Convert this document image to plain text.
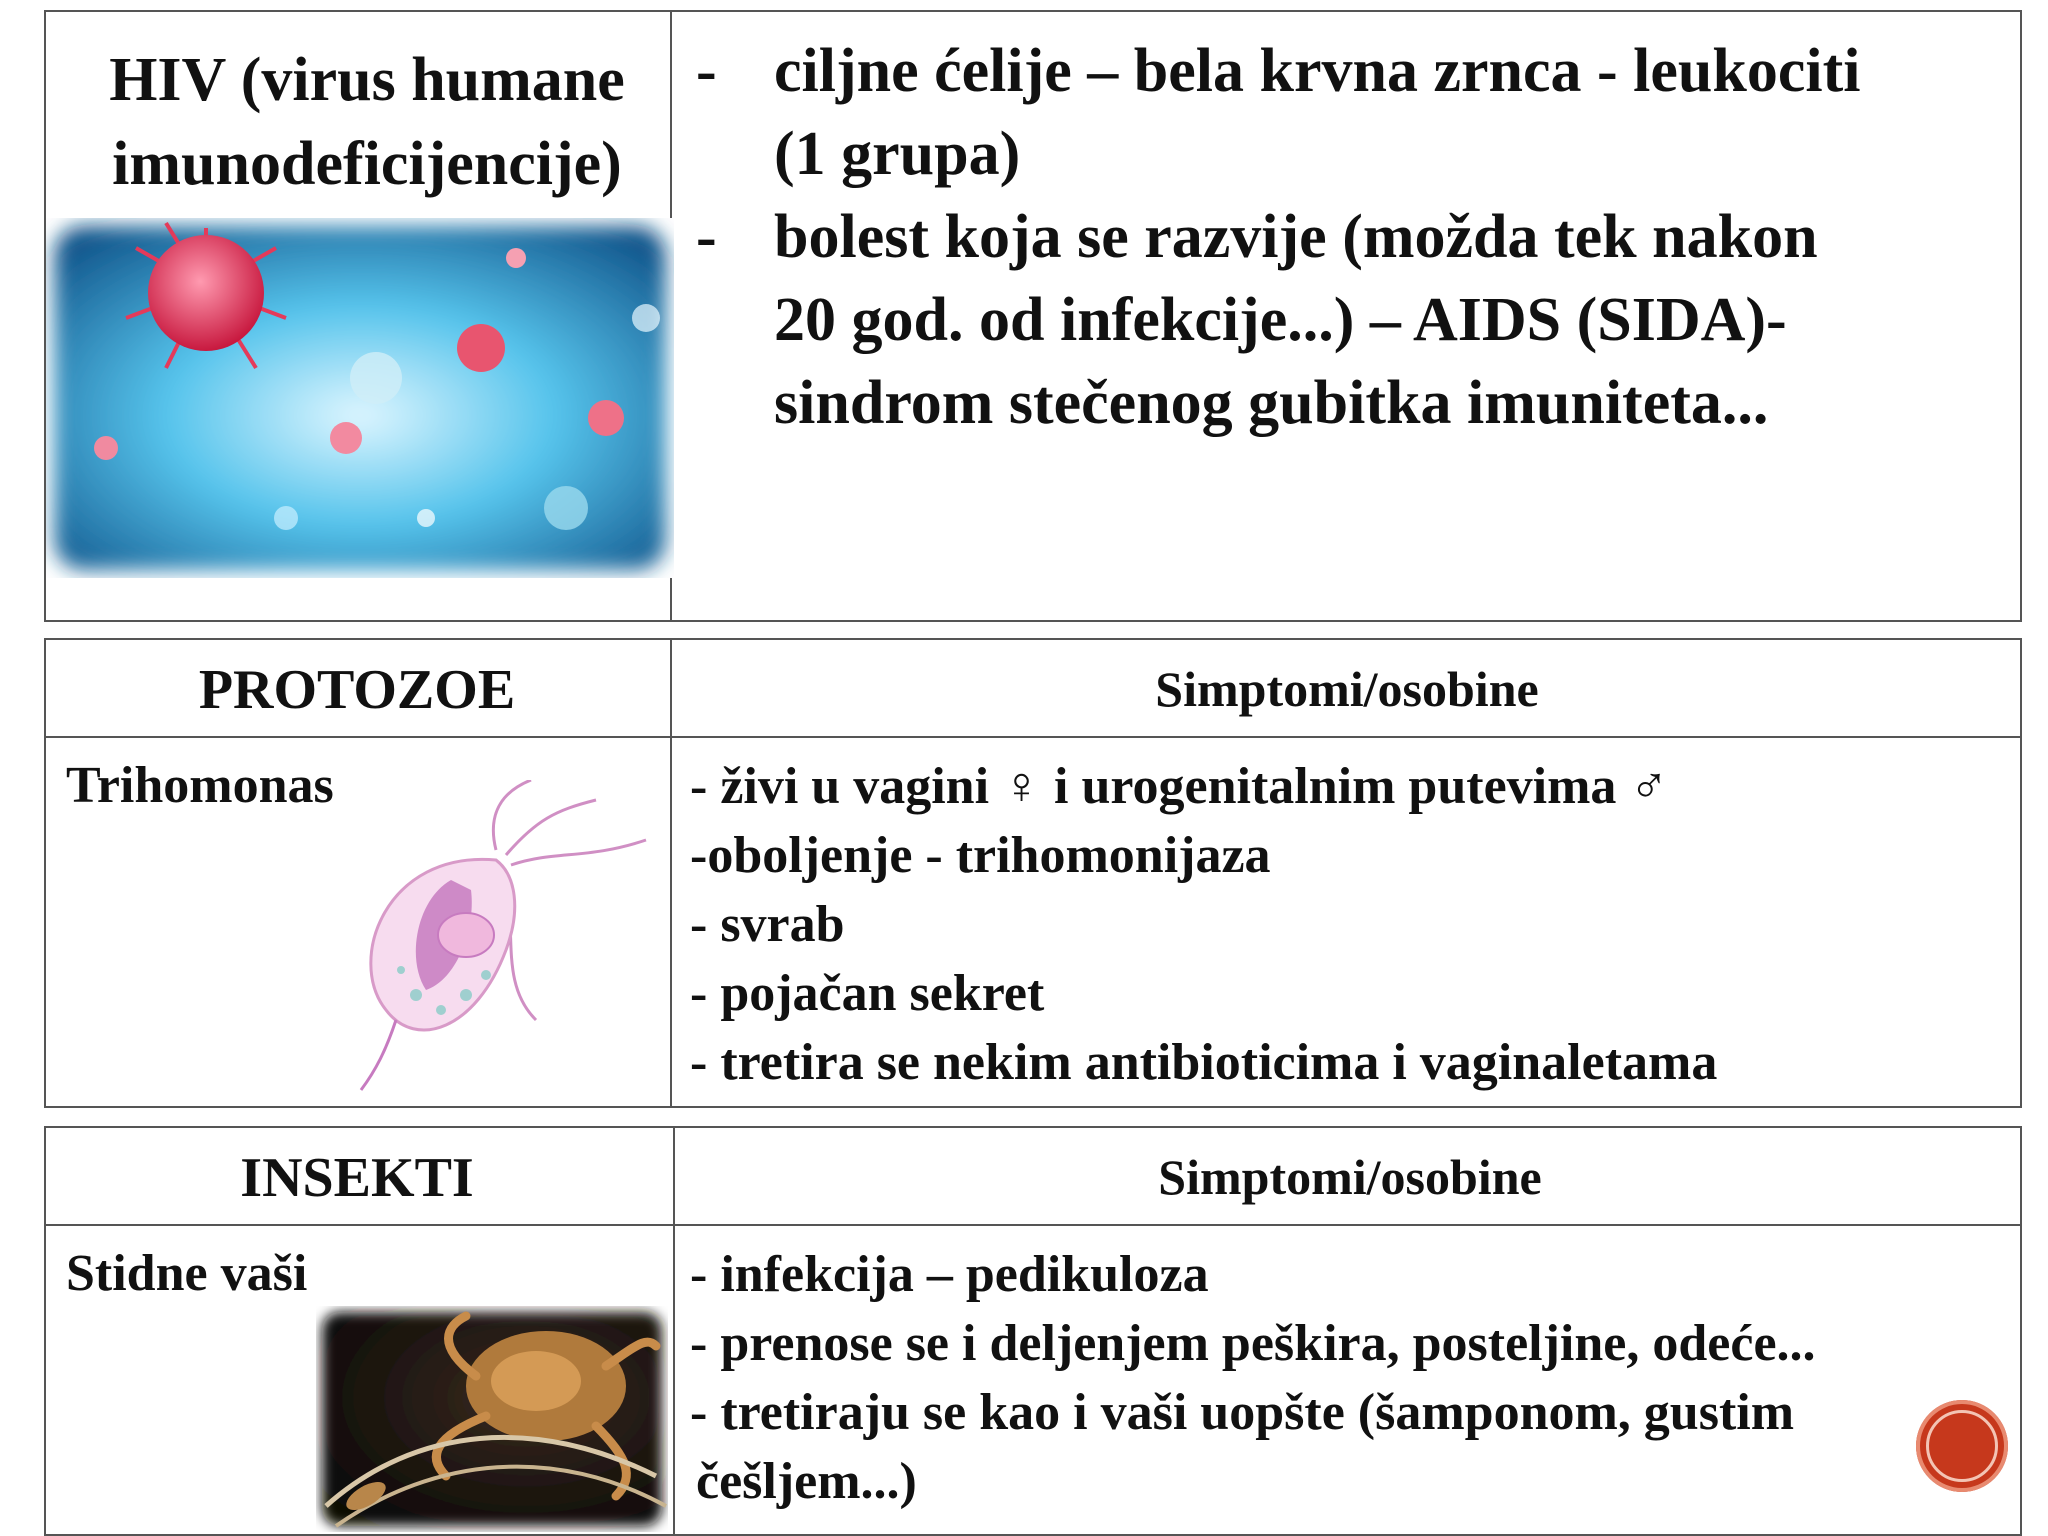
HIV (virus humane imunodeficijencije)
- ciljne ćelije – bela krvna zrnca - leukociti
(1 grupa)
- bolest koja se razvije (možda tek nakon
20 god. od infekcije...) – AIDS (SIDA)-
sindrom stečenog gubitka imuniteta...
PROTOZOE	Simptomi/osobine
Trihomonas	- živi u vagini ♀ i urogenitalnim putevima ♂
-oboljenje - trihomonijaza
- svrab
- pojačan sekret
- tretira se nekim antibioticima i vaginaletama
INSEKTI	Simptomi/osobine
Stidne vaši	- infekcija – pedikuloza
- prenose se i deljenjem peškira, posteljine, odeće...
- tretiraju se kao i vaši uopšte (šamponom, gustim
češljem...)
